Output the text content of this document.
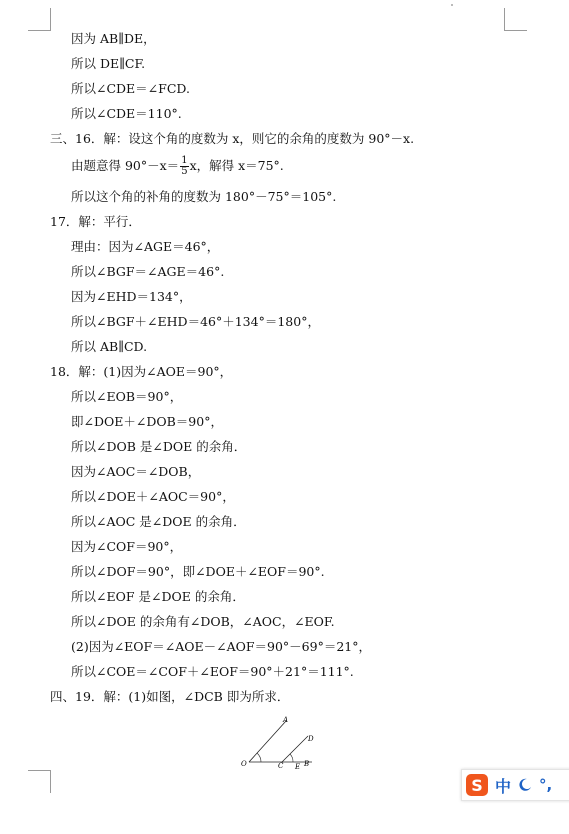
因为 AB∥DE，
所以 DE∥CF.
所以∠CDE＝∠FCD.
所以∠CDE＝110°.
三、16．解：设这个角的度数为 x，则它的余角的度数为 90°－x.
由题意得 $90^\circ-x= \frac{1}{5}$ x，解得 x＝75°.
所以这个角的补角的度数为 180°－75°＝105°.
17．解：平行．
理由：因为∠AGE＝46°，
所以∠BGF＝∠AGE＝46°.
因为∠EHD＝134°，
所以∠BGF＋∠EHD＝46°＋134°＝180°，
所以 AB∥CD.
18．解：(1)因为∠AOE＝90°，
所以∠EOB＝90°，
即∠DOE＋∠DOB＝90°，
所以∠DOB 是∠DOE 的余角．
因为∠AOC＝∠DOB，
所以∠DOE＋∠AOC＝90°，
所以∠AOC 是∠DOE 的余角．
因为∠COF＝90°，
所以∠DOF＝90°，即∠DOE＋∠EOF＝90°.
所以∠EOF 是∠DOE 的余角．
所以∠DOE 的余角有∠DOB，∠AOC，∠EOF.
(2)因为∠EOF＝∠AOE－∠AOF＝90°－69°＝21°，
所以∠COE＝∠COF＋∠EOF＝90°＋21°＝111°.
四、19．解：(1)如图，∠DCB 即为所求．
A
D
O	C E B
S 中 °,
